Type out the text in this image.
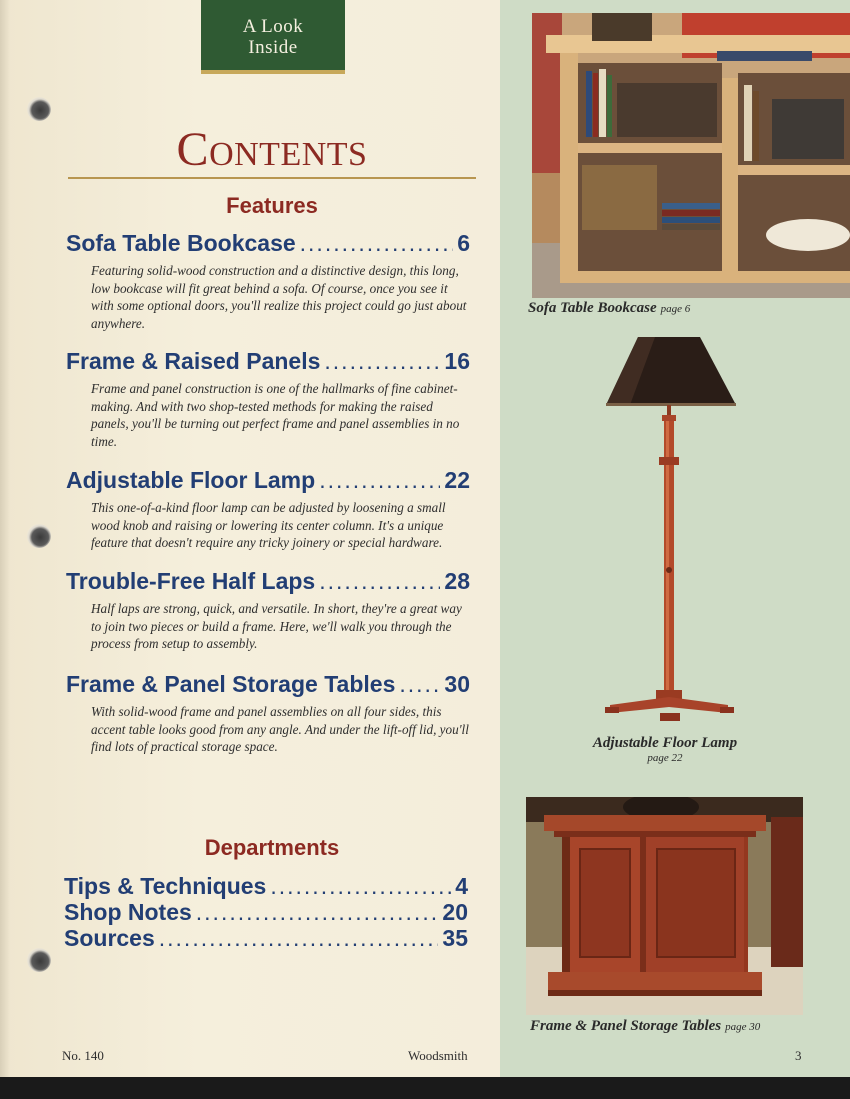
A Look
Inside
Contents
Features
Sofa Table Bookcase .....	6
Featuring solid-wood construction and a distinctive design, this long, low bookcase will fit great behind a sofa. Of course, once you see it with some optional doors, you'll realize this project could go just about anywhere.
Frame & Raised Panels .....	16
Frame and panel construction is one of the hallmarks of fine cabinet-making. And with two shop-tested methods for making the raised panels, you'll be turning out perfect frame and panel assemblies in no time.
Adjustable Floor Lamp .....	22
This one-of-a-kind floor lamp can be adjusted by loosening a small wood knob and raising or lowering its center column. It's a unique feature that doesn't require any tricky joinery or special hardware.
Trouble-Free Half Laps .....	28
Half laps are strong, quick, and versatile. In short, they're a great way to join two pieces or build a frame. Here, we'll walk you through the process from setup to assembly.
Frame & Panel Storage Tables ..... 30
With solid-wood frame and panel assemblies on all four sides, this accent table looks good from any angle. And under the lift-off lid, you'll find lots of practical storage space.
Departments
Tips & Techniques .....	4
Shop Notes .....	20
Sources .....	35
No. 140	Woodsmith	3
Sofa Table Bookcase page 6
Adjustable Floor Lamp
page 22
Frame & Panel Storage Tables page 30
